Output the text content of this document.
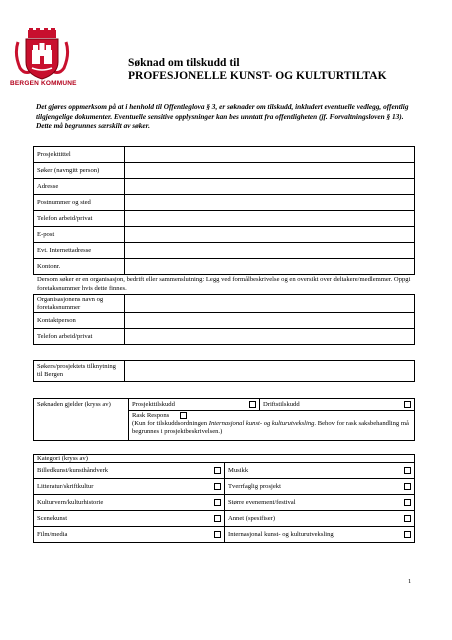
BERGEN KOMMUNE
Søknad om tilskudd til
PROFESJONELLE KUNST- OG KULTURTILTAK
Det gjøres oppmerksom på at i henhold til Offentleglova § 3, er søknader om tilskudd, inkludert eventuelle vedlegg, offentlig tilgjengelige dokumenter. Eventuelle sensitive opplysninger kan bes unntatt fra offentligheten (jf. Forvaltningsloven § 13). Dette må begrunnes særskilt av søker.
Prosjekttittel	
Søker (navngitt person)	
Adresse	
Postnummer og sted	
Telefon arbeid/privat	
E-post	
Evt. Internettadresse	
Kontonr.	
Dersom søker er en organisasjon, bedrift eller sammenslutning: Legg ved formålbeskrivelse og en oversikt over deltakere/medlemmer. Oppgi foretaksnummer hvis dette finnes.
Organisasjonens navn og foretaksnummer	
Kontaktperson	
Telefon arbeid/privat	
Søkers/prosjektets tilknytning til Bergen	
Søknaden gjelder (kryss av)	Prosjekttilskudd	Driftstilskudd

Rask Respons
(Kun for tilskuddsordningen Internasjonal kunst- og kulturutveksling. Behov for rask saksbehandling må begrunnes i prosjektbeskrivelsen.)
Kategori (kryss av)	

Billedkunst/kunsthåndverk	Musikk

Litteratur/skriftkultur	Tverrfaglig prosjekt

Kulturvern/kulturhistorie	Større evenement/festival

Scenekunst	Annet (spesifiser)

Film/media	Internasjonal kunst- og kulturutveksling
1
